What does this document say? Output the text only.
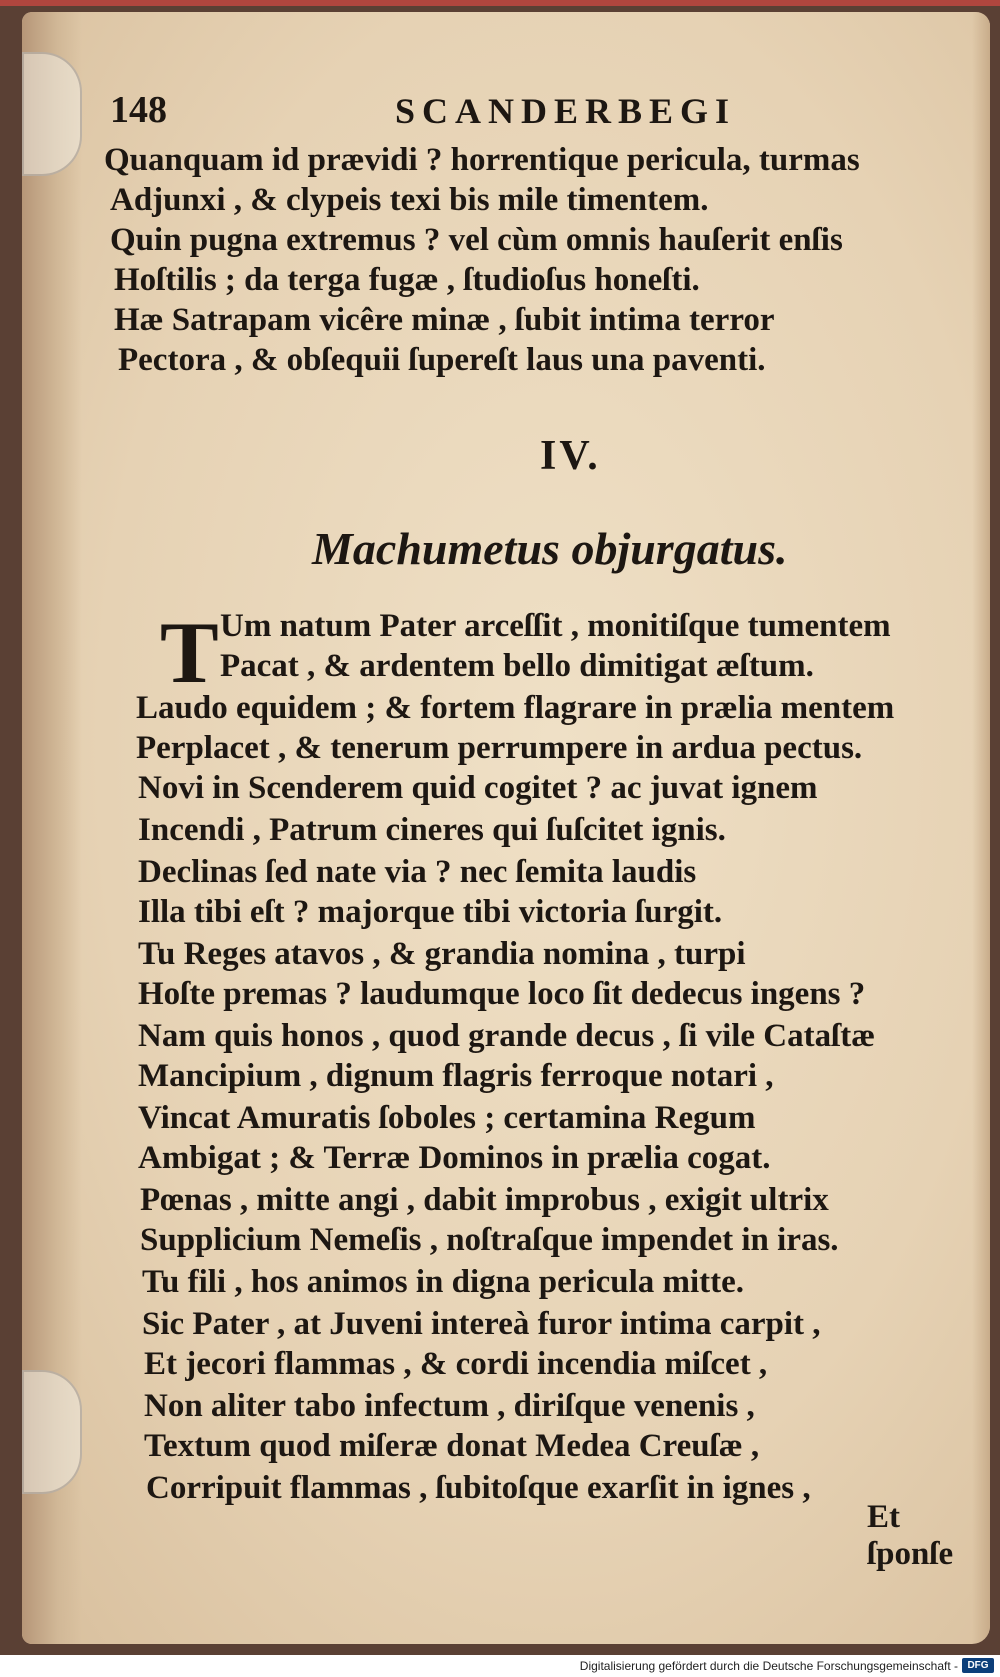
148	SCANDERBEGI
Quanquam id prævidi ? horrentique pericula, turmas
Adjunxi , & clypeis texi bis mile timentem.
Quin pugna extremus ? vel cùm omnis hauſerit enſis
Hoſtilis ; da terga fugæ , ſtudioſus honeſti.
Hæ Satrapam vicêre minæ , ſubit intima terror
Pectora , & obſequii ſupereſt laus una paventi.
IV.
Machumetus objurgatus.
T Um natum Pater arceſſit , monitiſque tumentem
Pacat , & ardentem bello dimitigat æſtum.
Laudo equidem ; & fortem flagrare in prælia mentem
Perplacet , & tenerum perrumpere in ardua pectus.
Novi in Scenderem quid cogitet ? ac juvat ignem
Incendi , Patrum cineres qui ſuſcitet ignis.
Declinas ſed nate via ? nec ſemita laudis
Illa tibi eſt ? majorque tibi victoria ſurgit.
Tu Reges atavos , & grandia nomina , turpi
Hoſte premas ? laudumque loco ſit dedecus ingens ?
Nam quis honos , quod grande decus , ſi vile Cataſtæ
Mancipium , dignum flagris ferroque notari ,
Vincat Amuratis ſoboles ; certamina Regum
Ambigat ; & Terræ Dominos in prælia cogat.
Pœnas , mitte angi , dabit improbus , exigit ultrix
Supplicium Nemeſis , noſtraſque impendet in iras.
Tu fili , hos animos in digna pericula mitte.
Sic Pater , at Juveni intereà furor intima carpit ,
Et jecori flammas , & cordi incendia miſcet ,
Non aliter tabo infectum , diriſque venenis ,
Textum quod miſeræ donat Medea Creuſæ ,
Corripuit flammas , ſubitoſque exarſit in ignes ,
Et ſponſe
Digitalisierung gefördert durch die Deutsche Forschungsgemeinschaft - DFG
